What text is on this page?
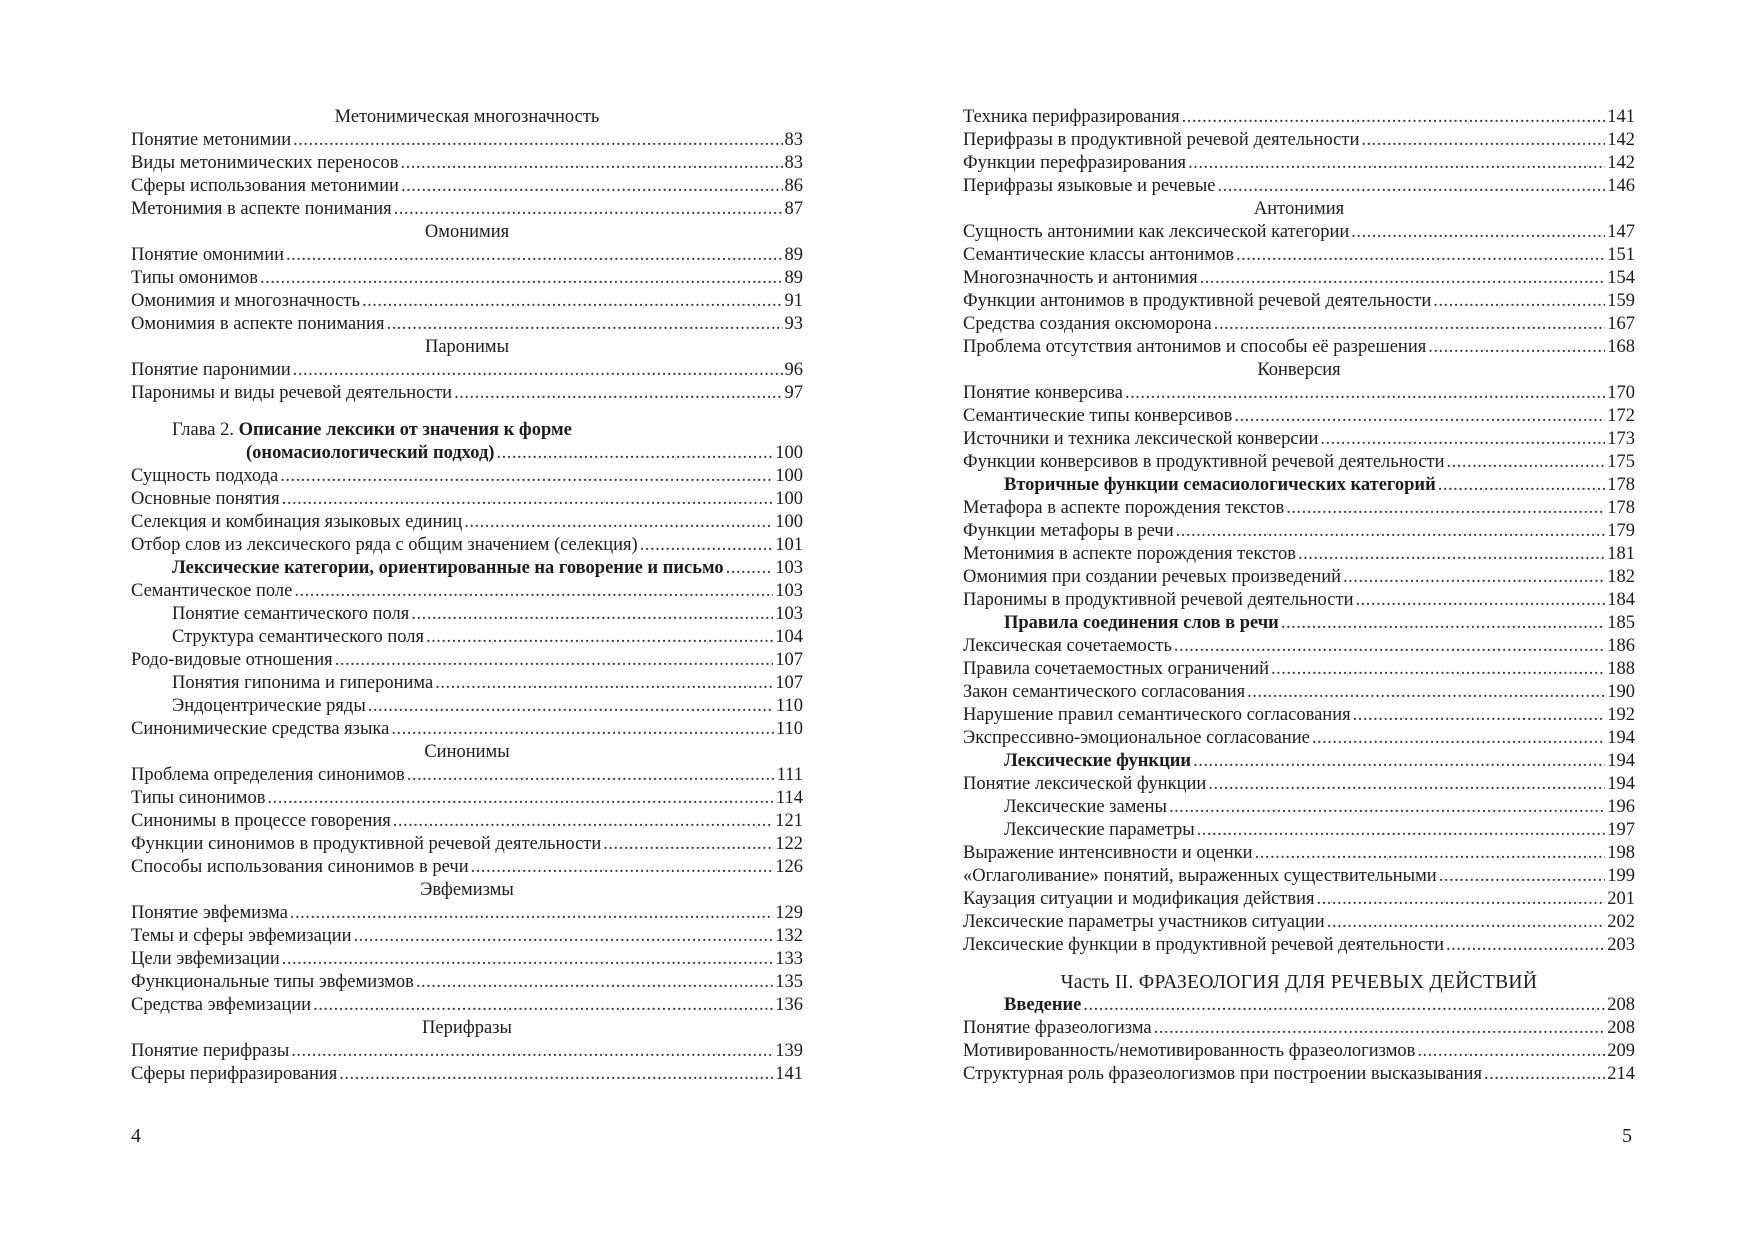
Метонимическая многозначность
Понятие метонимии .....	83
Виды метонимических переносов .....	83
Сферы использования метонимии .....	86
Метонимия в аспекте понимания .....	87
Омонимия
Понятие омонимии .....	89
Типы омонимов .....	89
Омонимия и многозначность .....	91
Омонимия в аспекте понимания .....	93
Паронимы
Понятие паронимии .....	96
Паронимы и виды речевой деятельности .....	97
Глава 2. Описание лексики от значения к форме
(ономасиологический подход) .....	100
Сущность подхода .....	100
Основные понятия .....	100
Селекция и комбинация языковых единиц .....	100
Отбор слов из лексического ряда с общим значением (селекция) .....	101
Лексические категории, ориентированные на говорение и письмо .....	103
Семантическое поле .....	103
Понятие семантического поля .....	103
Структура семантического поля .....	104
Родо-видовые отношения .....	107
Понятия гипонима и гиперонима .....	107
Эндоцентрические ряды .....	110
Синонимические средства языка .....	110
Синонимы
Проблема определения синонимов .....	111
Типы синонимов .....	114
Синонимы в процессе говорения .....	121
Функции синонимов в продуктивной речевой деятельности .....	122
Способы использования синонимов в речи .....	126
Эвфемизмы
Понятие эвфемизма .....	129
Темы и сферы эвфемизации .....	132
Цели эвфемизации .....	133
Функциональные типы эвфемизмов .....	135
Средства эвфемизации .....	136
Перифразы
Понятие перифразы .....	139
Сферы перифразирования .....	141
Техника перифразирования .....	141
Перифразы в продуктивной речевой деятельности .....	142
Функции перефразирования .....	142
Перифразы языковые и речевые .....	146
Антонимия
Сущность антонимии как лексической категории .....	147
Семантические классы антонимов .....	151
Многозначность и антонимия .....	154
Функции антонимов в продуктивной речевой деятельности .....	159
Средства создания оксюморона .....	167
Проблема отсутствия антонимов и способы её разрешения .....	168
Конверсия
Понятие конверсива .....	170
Семантические типы конверсивов .....	172
Источники и техника лексической конверсии .....	173
Функции конверсивов в продуктивной речевой деятельности .....	175
Вторичные функции семасиологических категорий .....	178
Метафора в аспекте порождения текстов .....	178
Функции метафоры в речи .....	179
Метонимия в аспекте порождения текстов .....	181
Омонимия при создании речевых произведений .....	182
Паронимы в продуктивной речевой деятельности .....	184
Правила соединения слов в речи .....	185
Лексическая сочетаемость .....	186
Правила сочетаемостных ограничений .....	188
Закон семантического согласования .....	190
Нарушение правил семантического согласования .....	192
Экспрессивно-эмоциональное согласование .....	194
Лексические функции .....	194
Понятие лексической функции .....	194
Лексические замены .....	196
Лексические параметры .....	197
Выражение интенсивности и оценки .....	198
«Оглаголивание» понятий, выраженных существительными .....	199
Каузация ситуации и модификация действия .....	201
Лексические параметры участников ситуации .....	202
Лексические функции в продуктивной речевой деятельности .....	203
Часть II. ФРАЗЕОЛОГИЯ ДЛЯ РЕЧЕВЫХ ДЕЙСТВИЙ
Введение .....	208
Понятие фразеологизма .....	208
Мотивированность/немотивированность фразеологизмов .....	209
Структурная роль фразеологизмов при построении высказывания .....	214
4	5
